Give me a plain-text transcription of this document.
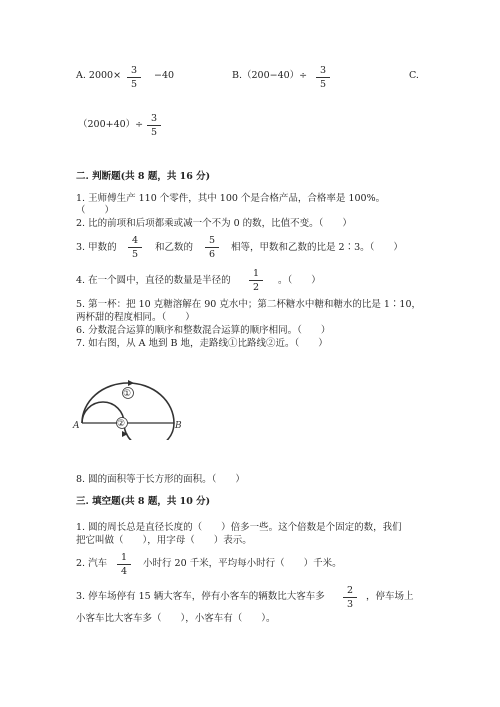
A. $2000\times \frac{3}{5} -40$	$B.(200-40)\div \frac{3}{5}$	C.
$(200+40)\div \frac{3}{5}$
二. 判断题(共 8 题，共 16 分)
1. 王师傅生产 110 个零件，其中 100 个是合格产品，合格率是 100%。
（　　）
2. 比的前项和后项都乘或减一个不为 0 的数，比值不变。（　　）
3. 甲数的 $\frac{4}{5}$ 和乙数的 $\frac{5}{6}$ 相等，甲数和乙数的比是 2∶3。（　　）
4. 在一个圆中，直径的数量是半径的 $\frac{1}{2}$ 。（　　）
5. 第一杯：把 10 克糖溶解在 90 克水中；第二杯糖水中糖和糖水的比是 1∶10，
两杯甜的程度相同。（　　）
6. 分数混合运算的顺序和整数混合运算的顺序相同。（　　）
7. 如右图，从 A 地到 B 地，走路线①比路线②近。（　　）
①
②
A	B
8. 圆的面积等于长方形的面积。（　　）
三. 填空题(共 8 题，共 10 分)
1. 圆的周长总是直径长度的（　　）倍多一些。这个倍数是个固定的数，我们
把它叫做（　　），用字母（　　）表示。
2. 汽车 $\frac{1}{4}$ 小时行 20 千米，平均每小时行（　　）千米。
3. 停车场停有 15 辆大客车，停有小客车的辆数比大客车多 $\frac{2}{3}$ ，停车场上
小客车比大客车多（　　），小客车有（　　）。
